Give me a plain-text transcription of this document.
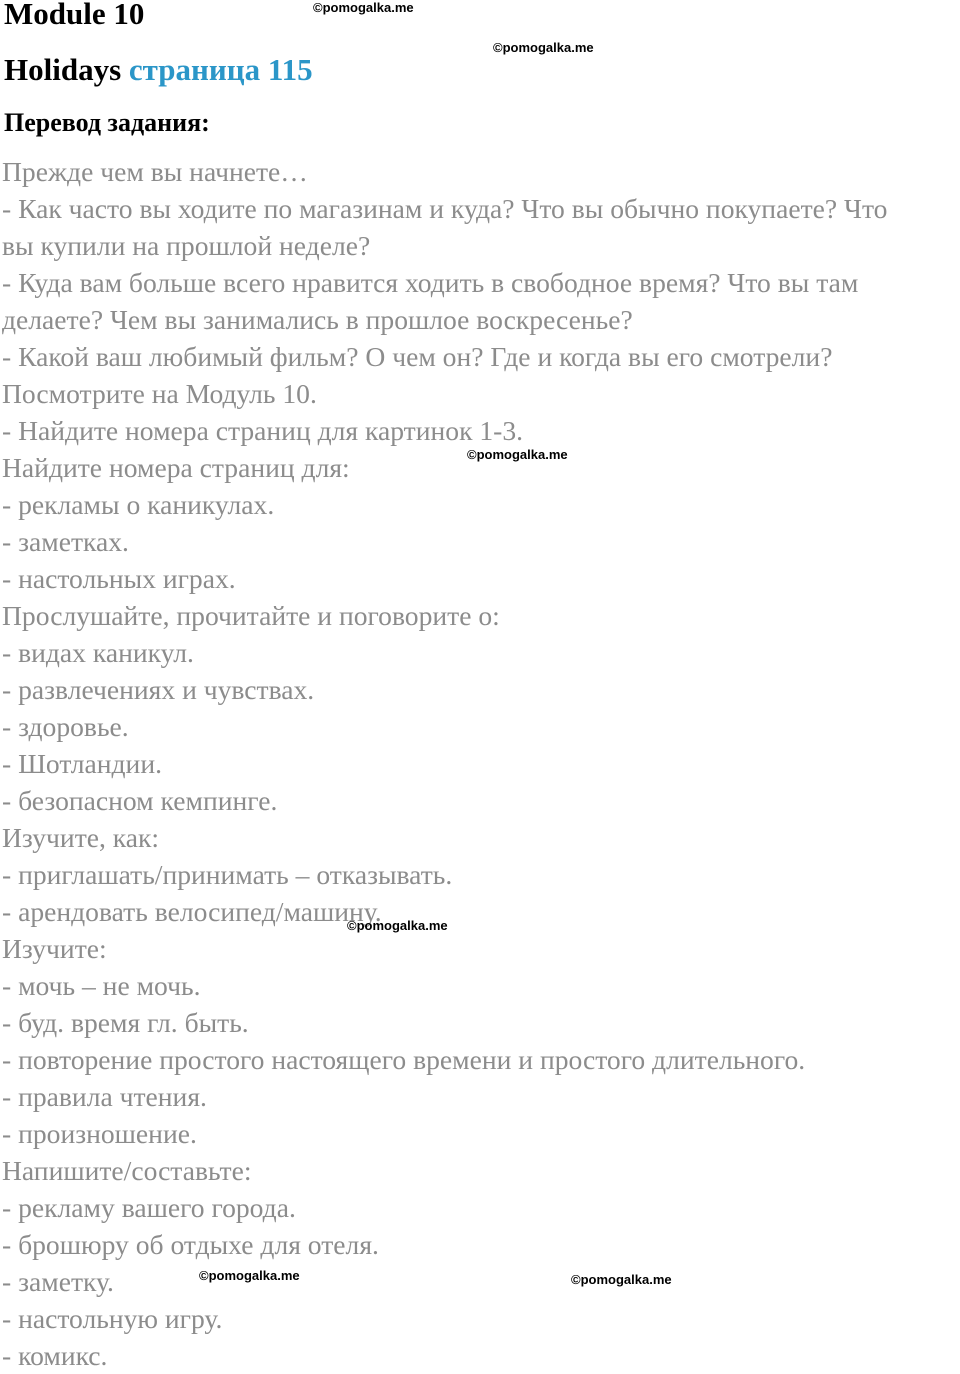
Module 10
Holidays страница 115
Перевод задания:
Прежде чем вы начнете…
- Как часто вы ходите по магазинам и куда? Что вы обычно покупаете? Что
вы купили на прошлой неделе?
- Куда вам больше всего нравится ходить в свободное время? Что вы там
делаете? Чем вы занимались в прошлое воскресенье?
- Какой ваш любимый фильм? О чем он? Где и когда вы его смотрели?
Посмотрите на Модуль 10.
- Найдите номера страниц для картинок 1-3.
Найдите номера страниц для:
- рекламы о каникулах.
- заметках.
- настольных играх.
Прослушайте, прочитайте и поговорите о:
- видах каникул.
- развлечениях и чувствах.
- здоровье.
- Шотландии.
- безопасном кемпинге.
Изучите, как:
- приглашать/принимать – отказывать.
- арендовать велосипед/машину.
Изучите:
- мочь – не мочь.
- буд. время гл. быть.
- повторение простого настоящего времени и простого длительного.
- правила чтения.
- произношение.
Напишите/составьте:
- рекламу вашего города.
- брошюру об отдыхе для отеля.
- заметку.
- настольную игру.
- комикс.
©pomogalka.me
©pomogalka.me
©pomogalka.me
©pomogalka.me
©pomogalka.me	©pomogalka.me
